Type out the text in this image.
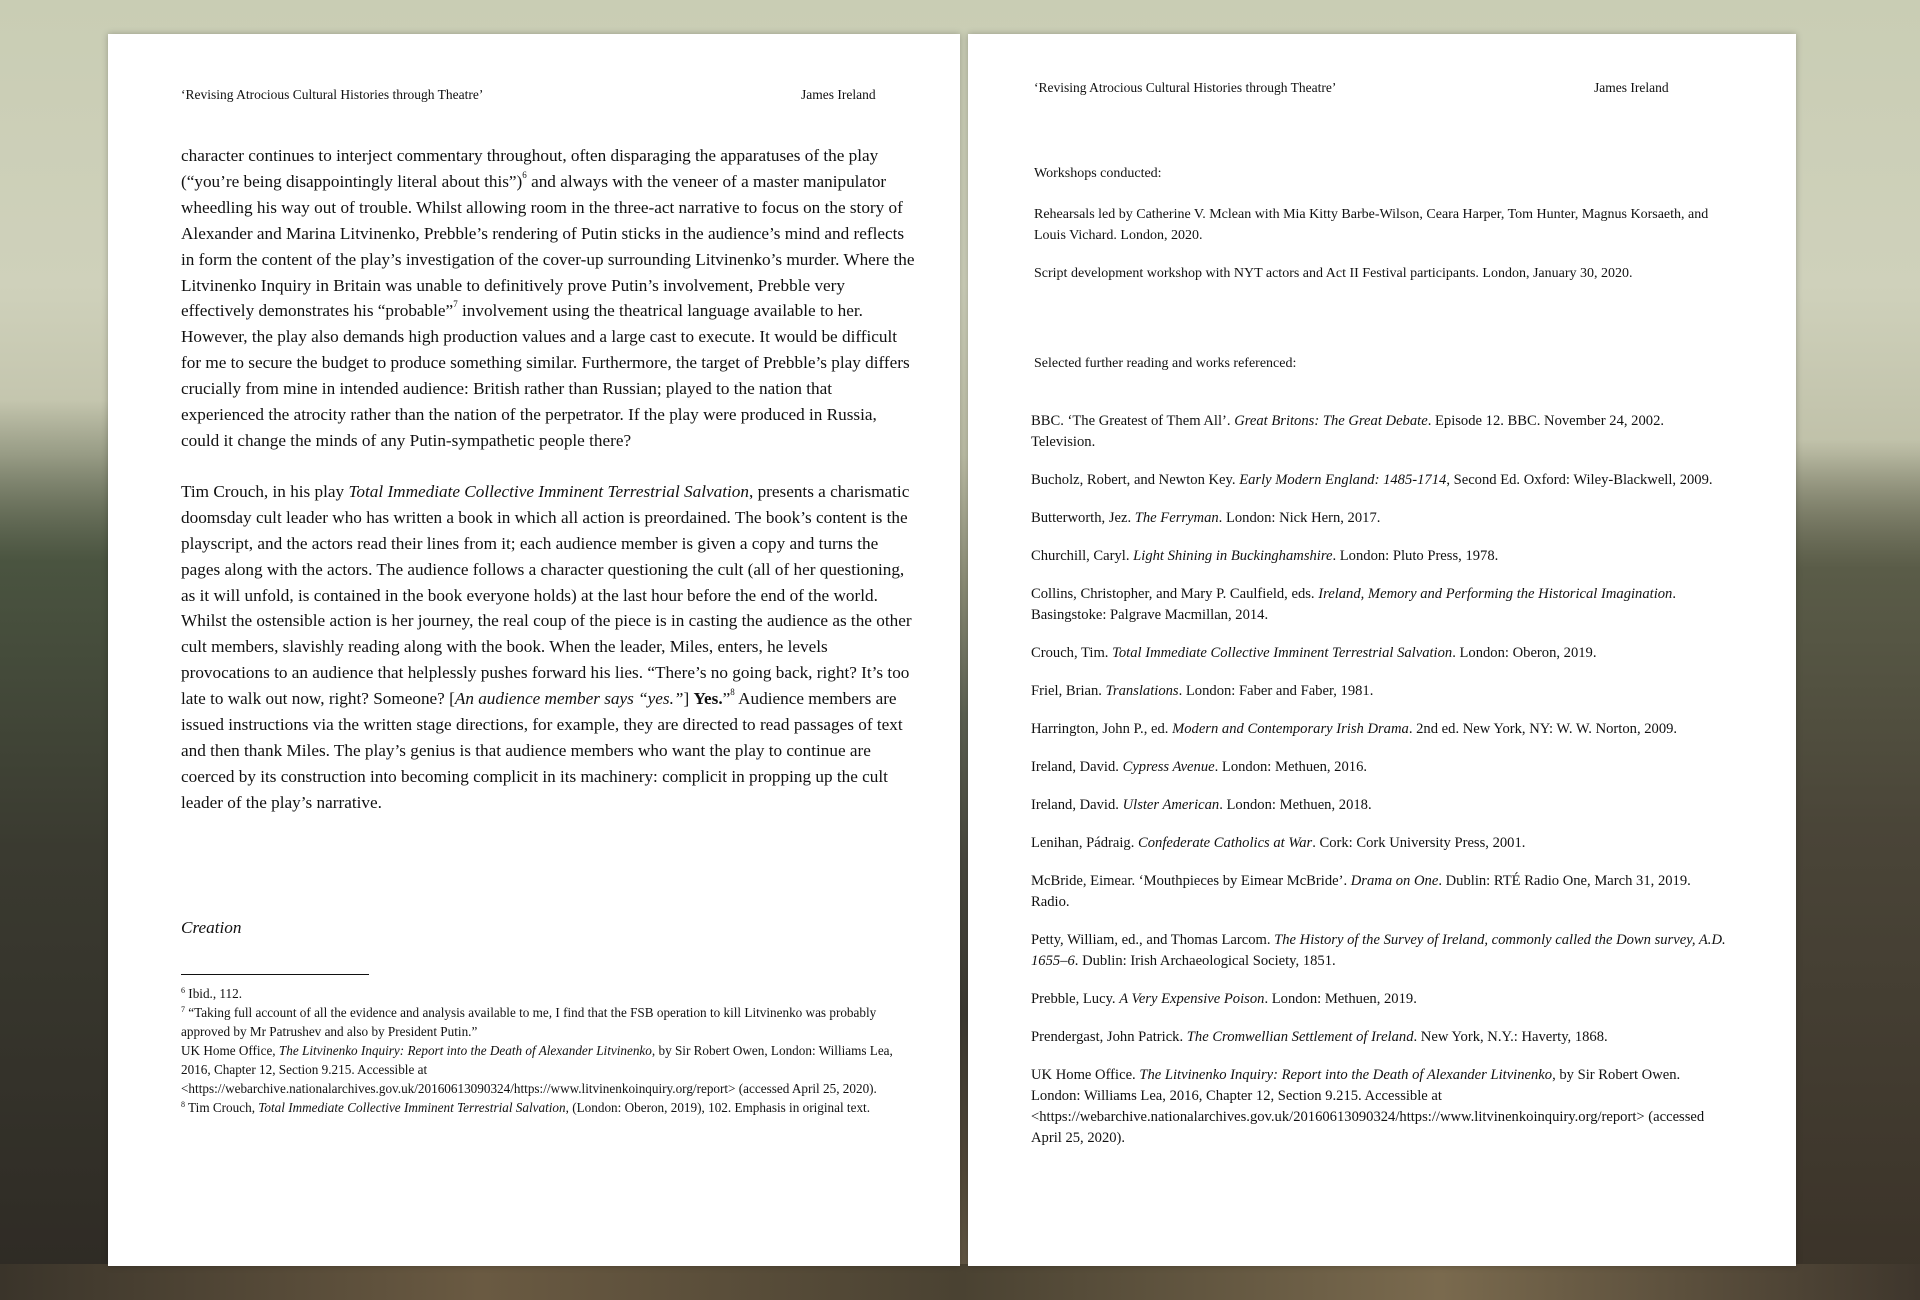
‘Revising Atrocious Cultural Histories through Theatre’	James Ireland

character continues to interject commentary throughout, often disparaging the apparatuses of the play (“you’re being disappointingly literal about this”)$^6$ and always with the veneer of a master manipulator wheedling his way out of trouble. Whilst allowing room in the three-act narrative to focus on the story of Alexander and Marina Litvinenko, Prebble’s rendering of Putin sticks in the audience’s mind and reflects in form the content of the play’s investigation of the cover-up surrounding Litvinenko’s murder. Where the Litvinenko Inquiry in Britain was unable to definitively prove Putin’s involvement, Prebble very effectively demonstrates his “probable”$^7$ involvement using the theatrical language available to her. However, the play also demands high production values and a large cast to execute. It would be difficult for me to secure the budget to produce something similar. Furthermore, the target of Prebble’s play differs crucially from mine in intended audience: British rather than Russian; played to the nation that experienced the atrocity rather than the nation of the perpetrator. If the play were produced in Russia, could it change the minds of any Putin-sympathetic people there?

Tim Crouch, in his play Total Immediate Collective Imminent Terrestrial Salvation, presents a charismatic doomsday cult leader who has written a book in which all action is preordained. The book’s content is the playscript, and the actors read their lines from it; each audience member is given a copy and turns the pages along with the actors. The audience follows a character questioning the cult (all of her questioning, as it will unfold, is contained in the book everyone holds) at the last hour before the end of the world. Whilst the ostensible action is her journey, the real coup of the piece is in casting the audience as the other cult members, slavishly reading along with the book. When the leader, Miles, enters, he levels provocations to an audience that helplessly pushes forward his lies. “There’s no going back, right? It’s too late to walk out now, right? Someone? [An audience member says “yes.”] Yes.”$^8$ Audience members are issued instructions via the written stage directions, for example, they are directed to read passages of text and then thank Miles. The play’s genius is that audience members who want the play to continue are coerced by its construction into becoming complicit in its machinery: complicit in propping up the cult leader of the play’s narrative.

Creation

$^6$ Ibid., 112.

$^7$ “Taking full account of all the evidence and analysis available to me, I find that the FSB operation to kill Litvinenko was probably approved by Mr Patrushev and also by President Putin.”

UK Home Office, The Litvinenko Inquiry: Report into the Death of Alexander Litvinenko, by Sir Robert Owen, London: Williams Lea, 2016, Chapter 12, Section 9.215. Accessible at <https://webarchive.nationalarchives.gov.uk/20160613090324/https://www.litvinenkoinquiry.org/report> (accessed April 25, 2020).

$^8$ Tim Crouch, Total Immediate Collective Imminent Terrestrial Salvation, (London: Oberon, 2019), 102. Emphasis in original text.

‘Revising Atrocious Cultural Histories through Theatre’	James Ireland
Workshops conducted:

Rehearsals led by Catherine V. Mclean with Mia Kitty Barbe-Wilson, Ceara Harper, Tom Hunter, Magnus Korsaeth, and Louis Vichard. London, 2020.

Script development workshop with NYT actors and Act II Festival participants. London, January 30, 2020.

Selected further reading and works referenced:

BBC. ‘The Greatest of Them All’. Great Britons: The Great Debate. Episode 12. BBC. November 24, 2002. Television.

Bucholz, Robert, and Newton Key. Early Modern England: 1485-1714, Second Ed. Oxford: Wiley-Blackwell, 2009.

Butterworth, Jez. The Ferryman. London: Nick Hern, 2017.

Churchill, Caryl. Light Shining in Buckinghamshire. London: Pluto Press, 1978.

Collins, Christopher, and Mary P. Caulfield, eds. Ireland, Memory and Performing the Historical Imagination. Basingstoke: Palgrave Macmillan, 2014.

Crouch, Tim. Total Immediate Collective Imminent Terrestrial Salvation. London: Oberon, 2019.

Friel, Brian. Translations. London: Faber and Faber, 1981.

Harrington, John P., ed. Modern and Contemporary Irish Drama. 2nd ed. New York, NY: W. W. Norton, 2009.

Ireland, David. Cypress Avenue. London: Methuen, 2016.

Ireland, David. Ulster American. London: Methuen, 2018.

Lenihan, Pádraig. Confederate Catholics at War. Cork: Cork University Press, 2001.

McBride, Eimear. ‘Mouthpieces by Eimear McBride’. Drama on One. Dublin: RTÉ Radio One, March 31, 2019. Radio.

Petty, William, ed., and Thomas Larcom. The History of the Survey of Ireland, commonly called the Down survey, A.D. 1655–6. Dublin: Irish Archaeological Society, 1851.

Prebble, Lucy. A Very Expensive Poison. London: Methuen, 2019.

Prendergast, John Patrick. The Cromwellian Settlement of Ireland. New York, N.Y.: Haverty, 1868.

UK Home Office. The Litvinenko Inquiry: Report into the Death of Alexander Litvinenko, by Sir Robert Owen. London: Williams Lea, 2016, Chapter 12, Section 9.215. Accessible at <https://webarchive.nationalarchives.gov.uk/20160613090324/https://www.litvinenkoinquiry.org/report> (accessed April 25, 2020).
